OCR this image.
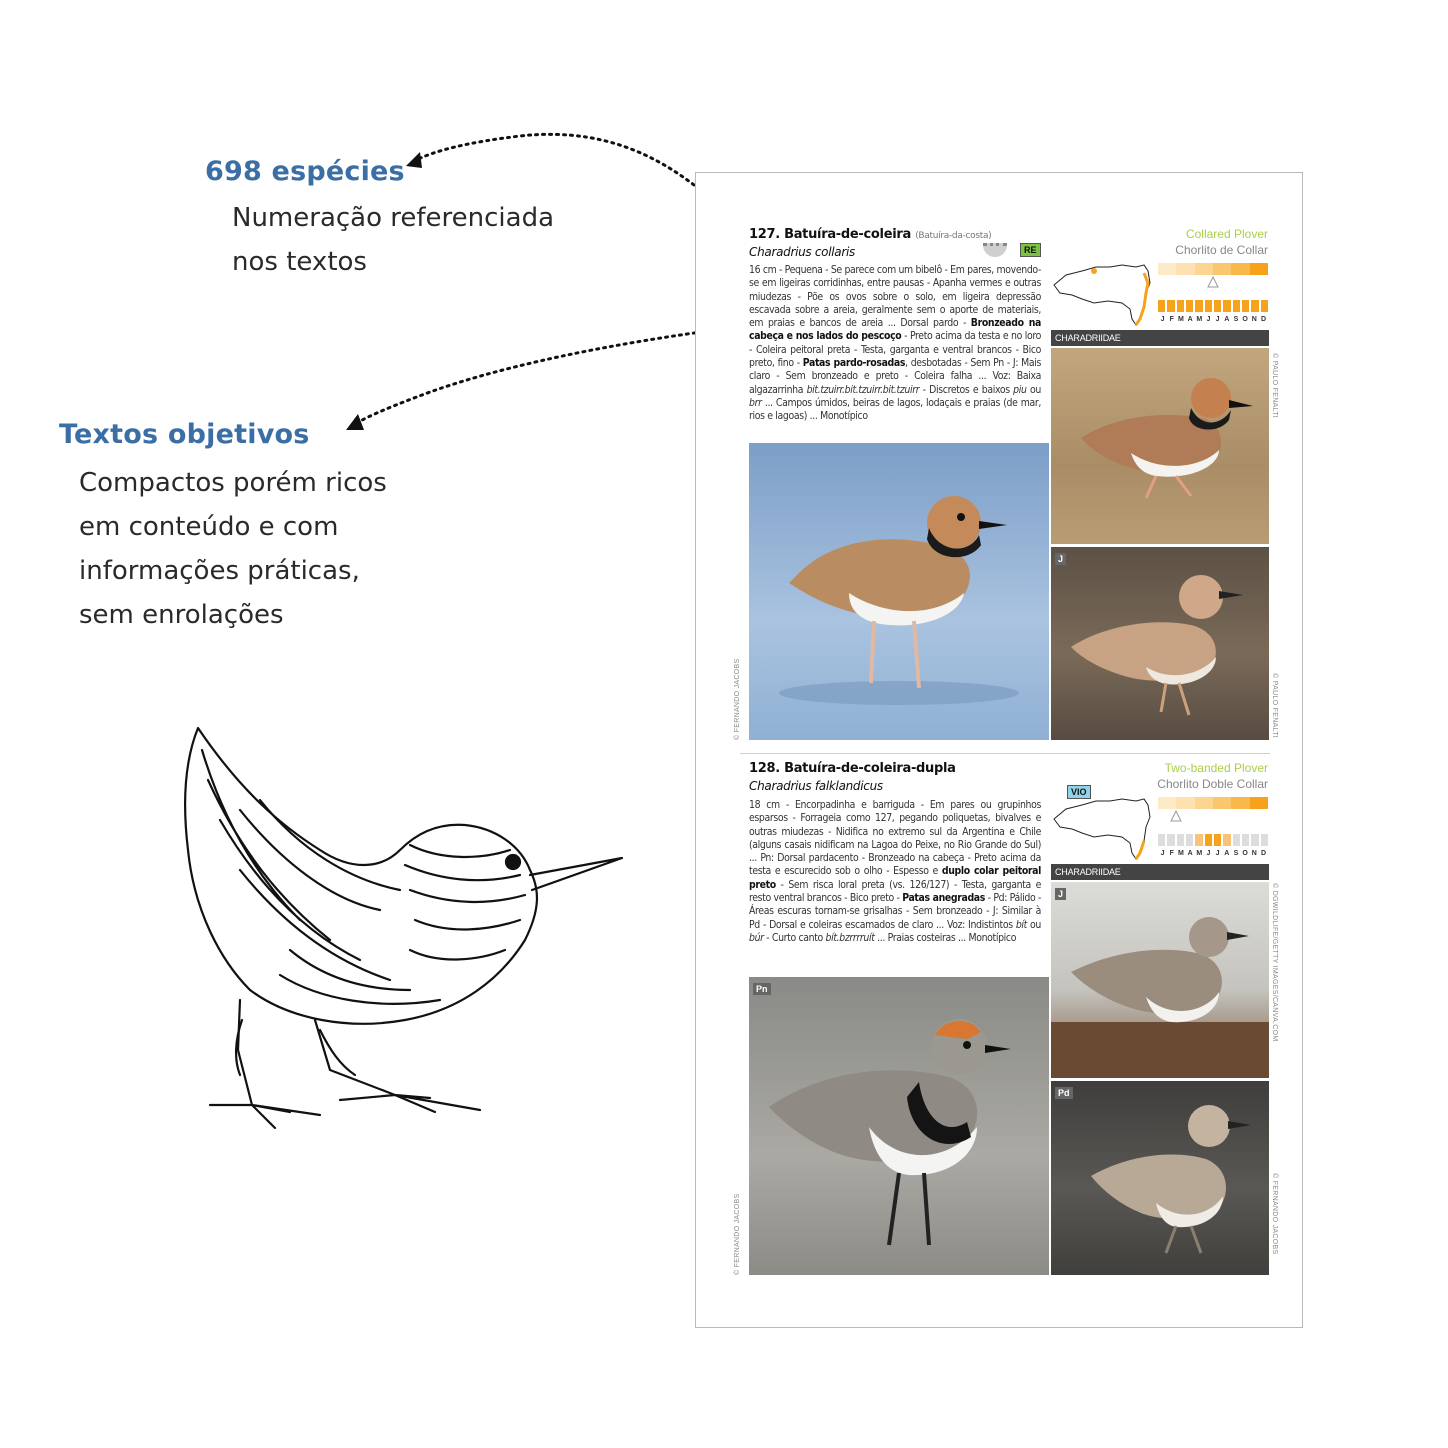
698 espécies
Numeração referenciada
nos textos
Textos objetivos
Compactos porém ricos
em conteúdo e com
informações práticas,
sem enrolações
127. Batuíra-de-coleira (Batuíra-da-costa)
Charadrius collaris	RE
Collared Plover
Chorlito de Collar
16 cm - Pequena - Se parece com um bibelô - Em pares, movendo-se em ligeiras corridinhas, entre pausas - Apanha vermes e outras miudezas - Põe os ovos sobre o solo, em ligeira depressão escavada sobre a areia, geralmente sem o aporte de materiais, em praias e bancos de areia ... Dorsal pardo - Bronzeado na cabeça e nos lados do pescoço - Preto acima da testa e no loro - Coleira peitoral preta - Testa, garganta e ventral brancos - Bico preto, fino - Patas pardo-rosadas, desbotadas - Sem Pn - J: Mais claro - Sem bronzeado e preto - Coleira falha ... Voz: Baixa algazarrinha bit.tzuirr.bit.tzuirr.bit.tzuirr - Discretos e baixos piu ou brr ... Campos úmidos, beiras de lagos, lodaçais e praias (de mar, rios e lagoas) ... Monotípico
J F M A M J J A S O N D
CHARADRIIDAE
© FERNANDO JACOBS
© PAULO FENALTI
J
© PAULO FENALTI
128. Batuíra-de-coleira-dupla
Charadrius falklandicus	VIO
Two-banded Plover
Chorlito Doble Collar
18 cm - Encorpadinha e barriguda - Em pares ou grupinhos esparsos - Forrageia como 127, pegando poliquetas, bivalves e outras miudezas - Nidifica no extremo sul da Argentina e Chile (alguns casais nidificam na Lagoa do Peixe, no Rio Grande do Sul) ... Pn: Dorsal pardacento - Bronzeado na cabeça - Preto acima da testa e escurecido sob o olho - Espesso e duplo colar peitoral preto - Sem risca loral preta (vs. 126/127) - Testa, garganta e resto ventral brancos - Bico preto - Patas anegradas - Pd: Pálido - Áreas escuras tornam-se grisalhas - Sem bronzeado - J: Similar à Pd - Dorsal e coleiras escamados de claro ... Voz: Indistintos bít ou búr - Curto canto bít.bzrrrruít ... Praias costeiras ... Monotípico
J F M A M J J A S O N D
CHARADRIIDAE
Pn
© FERNANDO JACOBS
J	© DGWILDLIFE/GETTY IMAGES/CANVA.COM
Pd
© FERNANDO JACOBS
